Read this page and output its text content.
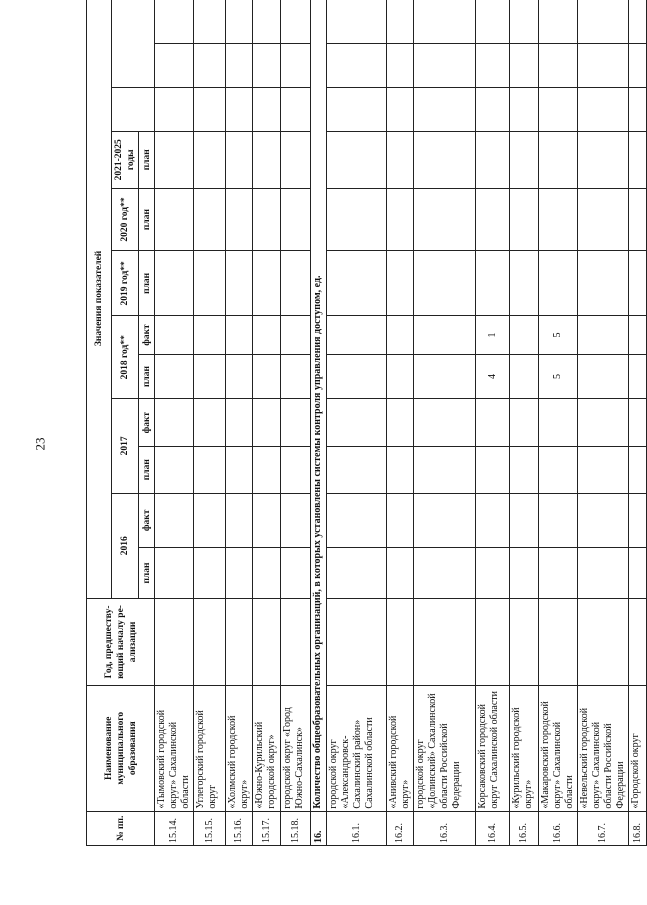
23
№ пп.	Наименование муниципального образования	Год, предшеству-ющий началу ре-ализации	Значения показателей											
			2016		2017		2018 год**		2019 год**	2020 год**	2021-2025 годы			
			план	факт	план	факт	план	факт	план	план	план			
15.14.	«Тымовский городской округ» Сахалинской области													
15.15.	Углегорский городской округ													
15.16.	«Холмский городской округ»													
15.17.	«Южно-Курильский городской округ»													
15.18.	городской округ «Город Южно-Сахалинск»													
16.	Количество общеобразовательных организаций, в которых установлены системы контроля управления доступом, ед.													
16.1.	городской округ «Александровск-Сахалинский район» Сахалинской области													
16.2.	«Анивский городской округ»													
16.3.	городской округ «Долинский» Сахалинской области Российской Федерации													
16.4.	Корсаковский городской округ Сахалинской области						4	1						
16.5.	«Курильский городской округ»													
16.6.	«Макаровский городской округ» Сахалинской области						5	5						
16.7.	«Невельский городской округ» Сахалинской области Российской Федерации													
16.8.	«Городской округ													
